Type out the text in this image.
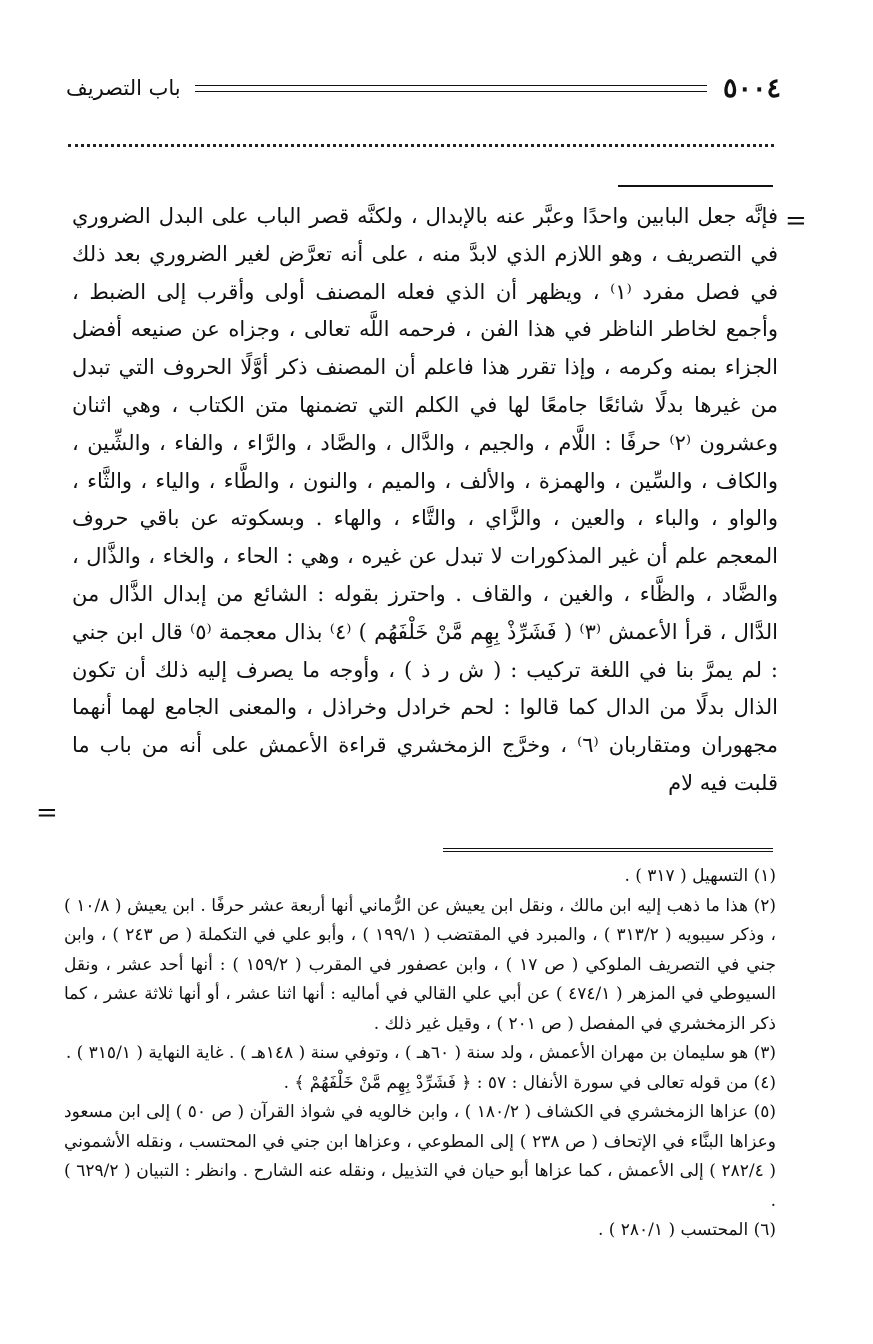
٥٠٠٤
باب التصريف
=

فإنَّه جعل البابين واحدًا وعبَّر عنه بالإبدال ، ولكنَّه قصر الباب على البدل الضروري في التصريف ، وهو اللازم الذي لابدَّ منه ، على أنه تعرَّض لغير الضروري بعد ذلك في فصل مفرد ⁽١⁾ ، ويظهر أن الذي فعله المصنف أولى وأقرب إلى الضبط ، وأجمع لخاطر الناظر في هذا الفن ، فرحمه اللَّه تعالى ، وجزاه عن صنيعه أفضل الجزاء بمنه وكرمه ، وإذا تقرر هذا فاعلم أن المصنف ذكر أوَّلًا الحروف التي تبدل من غيرها بدلًا شائعًا جامعًا لها في الكلم التي تضمنها متن الكتاب ، وهي اثنان وعشرون ⁽٢⁾ حرفًا : اللَّام ، والجيم ، والدَّال ، والصَّاد ، والرَّاء ، والفاء ، والشِّين ، والكاف ، والسِّين ، والهمزة ، والألف ، والميم ، والنون ، والطَّاء ، والياء ، والثَّاء ، والواو ، والباء ، والعين ، والزَّاي ، والتَّاء ، والهاء . وبسكوته عن باقي حروف المعجم علم أن غير المذكورات لا تبدل عن غيره ، وهي : الحاء ، والخاء ، والذَّال ، والضَّاد ، والظَّاء ، والغين ، والقاف . واحترز بقوله : الشائع من إبدال الذَّال من الدَّال ، قرأ الأعمش ⁽٣⁾ ( فَشَرِّذْ بِهِم مَّنْ خَلْفَهُم ) ⁽٤⁾ بذال معجمة ⁽٥⁾ قال ابن جني : لم يمرَّ بنا في اللغة تركيب : ( ش ر ذ ) ، وأوجه ما يصرف إليه ذلك أن تكون الذال بدلًا من الدال كما قالوا : لحم خرادل وخراذل ، والمعنى الجامع لهما أنهما مجهوران ومتقاربان ⁽٦⁾ ، وخرَّج الزمخشري قراءة الأعمش على أنه من باب ما قلبت فيه لام

=

(١) التسهيل ( ٣١٧ ) .

(٢) هذا ما ذهب إليه ابن مالك ، ونقل ابن يعيش عن الرُّماني أنها أربعة عشر حرفًا . ابن يعيش ( ١٠/٨ ) ، وذكر سيبويه ( ٣١٣/٢ ) ، والمبرد في المقتضب ( ١٩٩/١ ) ، وأبو علي في التكملة ( ص ٢٤٣ ) ، وابن جني في التصريف الملوكي ( ص ١٧ ) ، وابن عصفور في المقرب ( ١٥٩/٢ ) : أنها أحد عشر ، ونقل السيوطي في المزهر ( ٤٧٤/١ ) عن أبي علي القالي في أماليه : أنها اثنا عشر ، أو أنها ثلاثة عشر ، كما ذكر الزمخشري في المفصل ( ص ٢٠١ ) ، وقيل غير ذلك .

(٣) هو سليمان بن مهران الأعمش ، ولد سنة ( ٦٠هـ ) ، وتوفي سنة ( ١٤٨هـ ) . غاية النهاية ( ٣١٥/١ ) .

(٤) من قوله تعالى في سورة الأنفال : ٥٧ : ﴿ فَشَرِّدْ بِهِم مَّنْ خَلْفَهُمْ ﴾ .

(٥) عزاها الزمخشري في الكشاف ( ١٨٠/٢ ) ، وابن خالويه في شواذ القرآن ( ص ٥٠ ) إلى ابن مسعود وعزاها البنَّاء في الإتحاف ( ص ٢٣٨ ) إلى المطوعي ، وعزاها ابن جني في المحتسب ، ونقله الأشموني ( ٢٨٢/٤ ) إلى الأعمش ، كما عزاها أبو حيان في التذييل ، ونقله عنه الشارح . وانظر : التبيان ( ٦٢٩/٢ ) .

(٦) المحتسب ( ٢٨٠/١ ) .
